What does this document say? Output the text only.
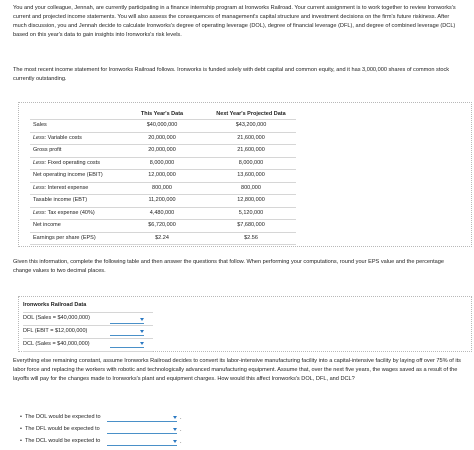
You and your colleague, Jennah, are currently participating in a finance internship program at Ironworks Railroad. Your current assignment is to work together to review Ironworks's current and projected income statements. You will also assess the consequences of management's capital structure and investment decisions on the firm's future riskiness. After much discussion, you and Jennah decide to calculate Ironworks's degree of operating leverage (DOL), degree of financial leverage (DFL), and degree of combined leverage (DCL) based on this year's data to gain insights into Ironworks's risk levels.

The most recent income statement for Ironworks Railroad follows. Ironworks is funded solely with debt capital and common equity, and it has 3,000,000 shares of common stock currently outstanding.

	This Year's Data	Next Year's Projected Data
Sales	$40,000,000	$43,200,000
Less: Variable costs	20,000,000	21,600,000
Gross profit	20,000,000	21,600,000
Less: Fixed operating costs	8,000,000	8,000,000
Net operating income (EBIT)	12,000,000	13,600,000
Less: Interest expense	800,000	800,000
Taxable income (EBT)	11,200,000	12,800,000
Less: Tax expense (40%)	4,480,000	5,120,000
Net income	$6,720,000	$7,680,000
Earnings per share (EPS)	$2.24	$2.56

Given this information, complete the following table and then answer the questions that follow. When performing your computations, round your EPS value and the percentage change values to two decimal places.

Ironworks Railroad Data
DOL (Sales = $40,000,000)
DFL (EBIT = $12,000,000)
DCL (Sales = $40,000,000)

Everything else remaining constant, assume Ironworks Railroad decides to convert its labor-intensive manufacturing facility into a capital-intensive facility by laying off over 75% of its labor force and replacing the workers with robotic and technologically advanced manufacturing equipment. Assume that, over the next five years, the wages saved as a result of the layoffs will pay for the changes made to Ironworks's plant and equipment charges. How would this affect Ironworks's DOL, DFL, and DCL?

• The DOL would be expected to	.
• The DFL would be expected to	.
• The DCL would be expected to	.
